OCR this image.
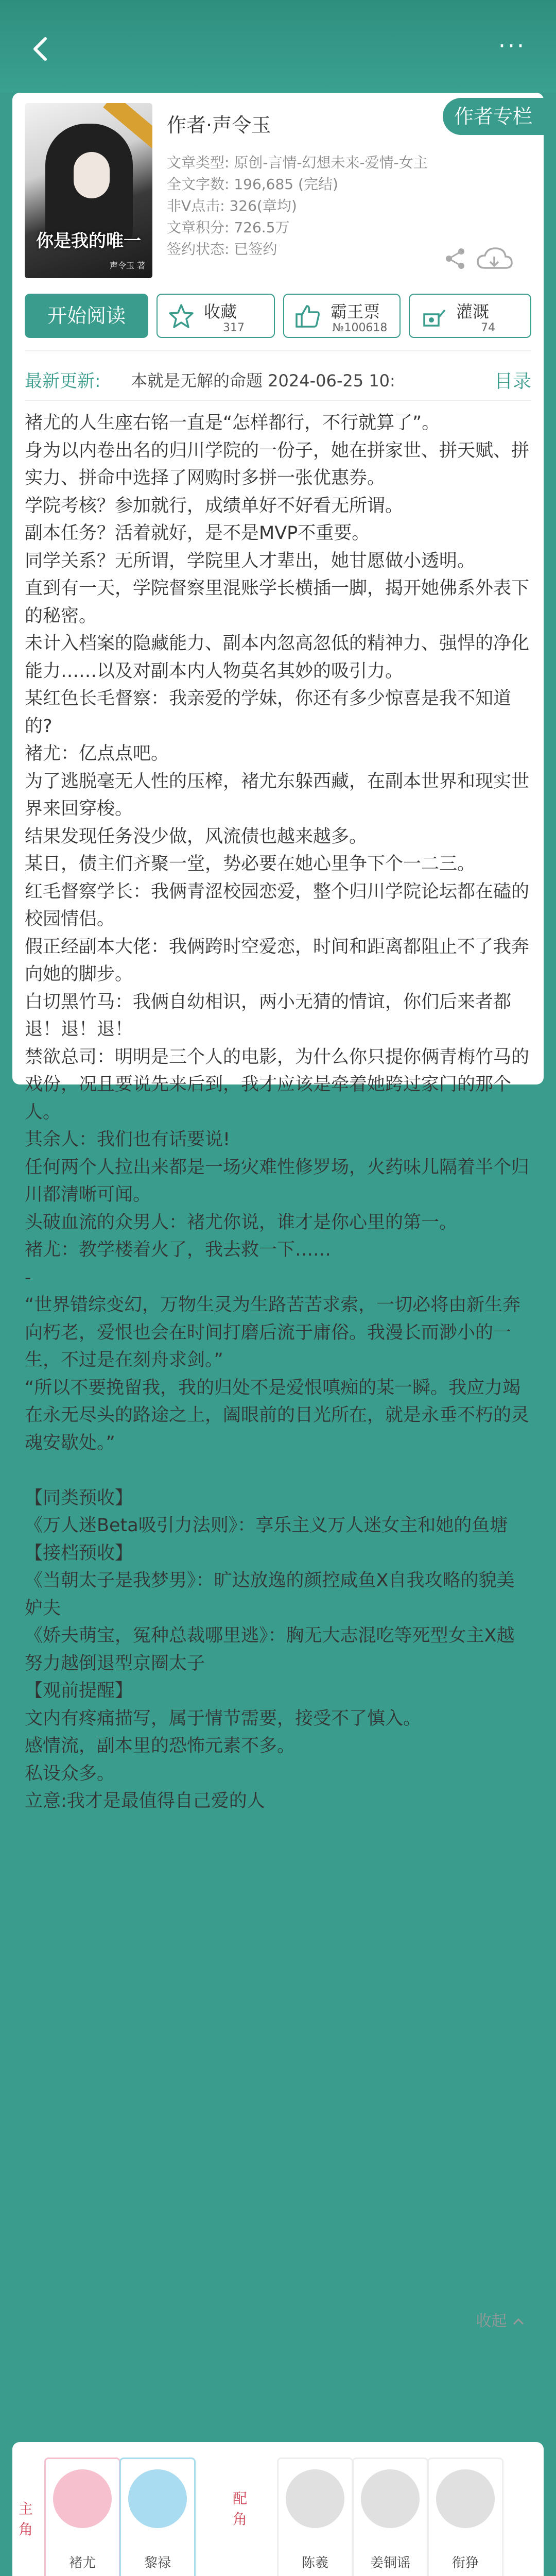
···
你是我的唯一
声令玉 著
作者·声令玉	作者专栏
文章类型: 原创-言情-幻想未来-爱情-女主
全文字数: 196,685 (完结)
非V点击: 326(章均)
文章积分: 726.5万
签约状态: 已签约
开始阅读	收藏
317
霸王票
№100618
灌溉
74
最新更新: 本就是无解的命题 2024-06-25 10:	目录

褚尤的人生座右铭一直是“怎样都行，不行就算了”。

身为以内卷出名的归川学院的一份子，她在拼家世、拼天赋、拼实力、拼命中选择了网购时多拼一张优惠券。

学院考核？参加就行，成绩单好不好看无所谓。

副本任务？活着就好，是不是MVP不重要。

同学关系？无所谓，学院里人才辈出，她甘愿做小透明。

直到有一天，学院督察里混账学长横插一脚，揭开她佛系外表下的秘密。

未计入档案的隐藏能力、副本内忽高忽低的精神力、强悍的净化能力……以及对副本内人物莫名其妙的吸引力。

某红色长毛督察：我亲爱的学妹，你还有多少惊喜是我不知道的?

褚尤：亿点点吧。

为了逃脱毫无人性的压榨，褚尤东躲西藏，在副本世界和现实世界来回穿梭。

结果发现任务没少做，风流债也越来越多。

某日，债主们齐聚一堂，势必要在她心里争下个一二三。

红毛督察学长：我俩青涩校园恋爱，整个归川学院论坛都在磕的校园情侣。

假正经副本大佬：我俩跨时空爱恋，时间和距离都阻止不了我奔向她的脚步。

白切黑竹马：我俩自幼相识，两小无猜的情谊，你们后来者都退！退！退！

禁欲总司：明明是三个人的电影，为什么你只提你俩青梅竹马的戏份，况且要说先来后到，我才应该是牵着她跨过家门的那个人。

其余人：我们也有话要说!

任何两个人拉出来都是一场灾难性修罗场，火药味儿隔着半个归川都清晰可闻。

头破血流的众男人：褚尤你说，谁才是你心里的第一。

褚尤：教学楼着火了，我去救一下……

-

“世界错综变幻，万物生灵为生路苦苦求索，一切必将由新生奔向朽老，爱恨也会在时间打磨后流于庸俗。我漫长而渺小的一生，不过是在刻舟求剑。”

“所以不要挽留我，我的归处不是爱恨嗔痴的某一瞬。我应力竭在永无尽头的路途之上，阖眼前的目光所在，就是永垂不朽的灵魂安歇处。”

【同类预收】

《万人迷Beta吸引力法则》：享乐主义万人迷女主和她的鱼塘

【接档预收】

《当朝太子是我梦男》：旷达放逸的颜控咸鱼X自我攻略的貌美妒夫

《娇夫萌宝，冤种总裁哪里逃》：胸无大志混吃等死型女主X越努力越倒退型京圈太子

【观前提醒】

文内有疼痛描写，属于情节需要，接受不了慎入。

感情流，副本里的恐怖元素不多。

私设众多。

立意:我才是最值得自己爱的人

收起
标签：幻想空间 无限流 万人迷 规则怪谈
其它：
视角：女主
本文书号:8487958
主角
配角
褚尤	黎禄	陈羲	姜铜谣	衔狰
